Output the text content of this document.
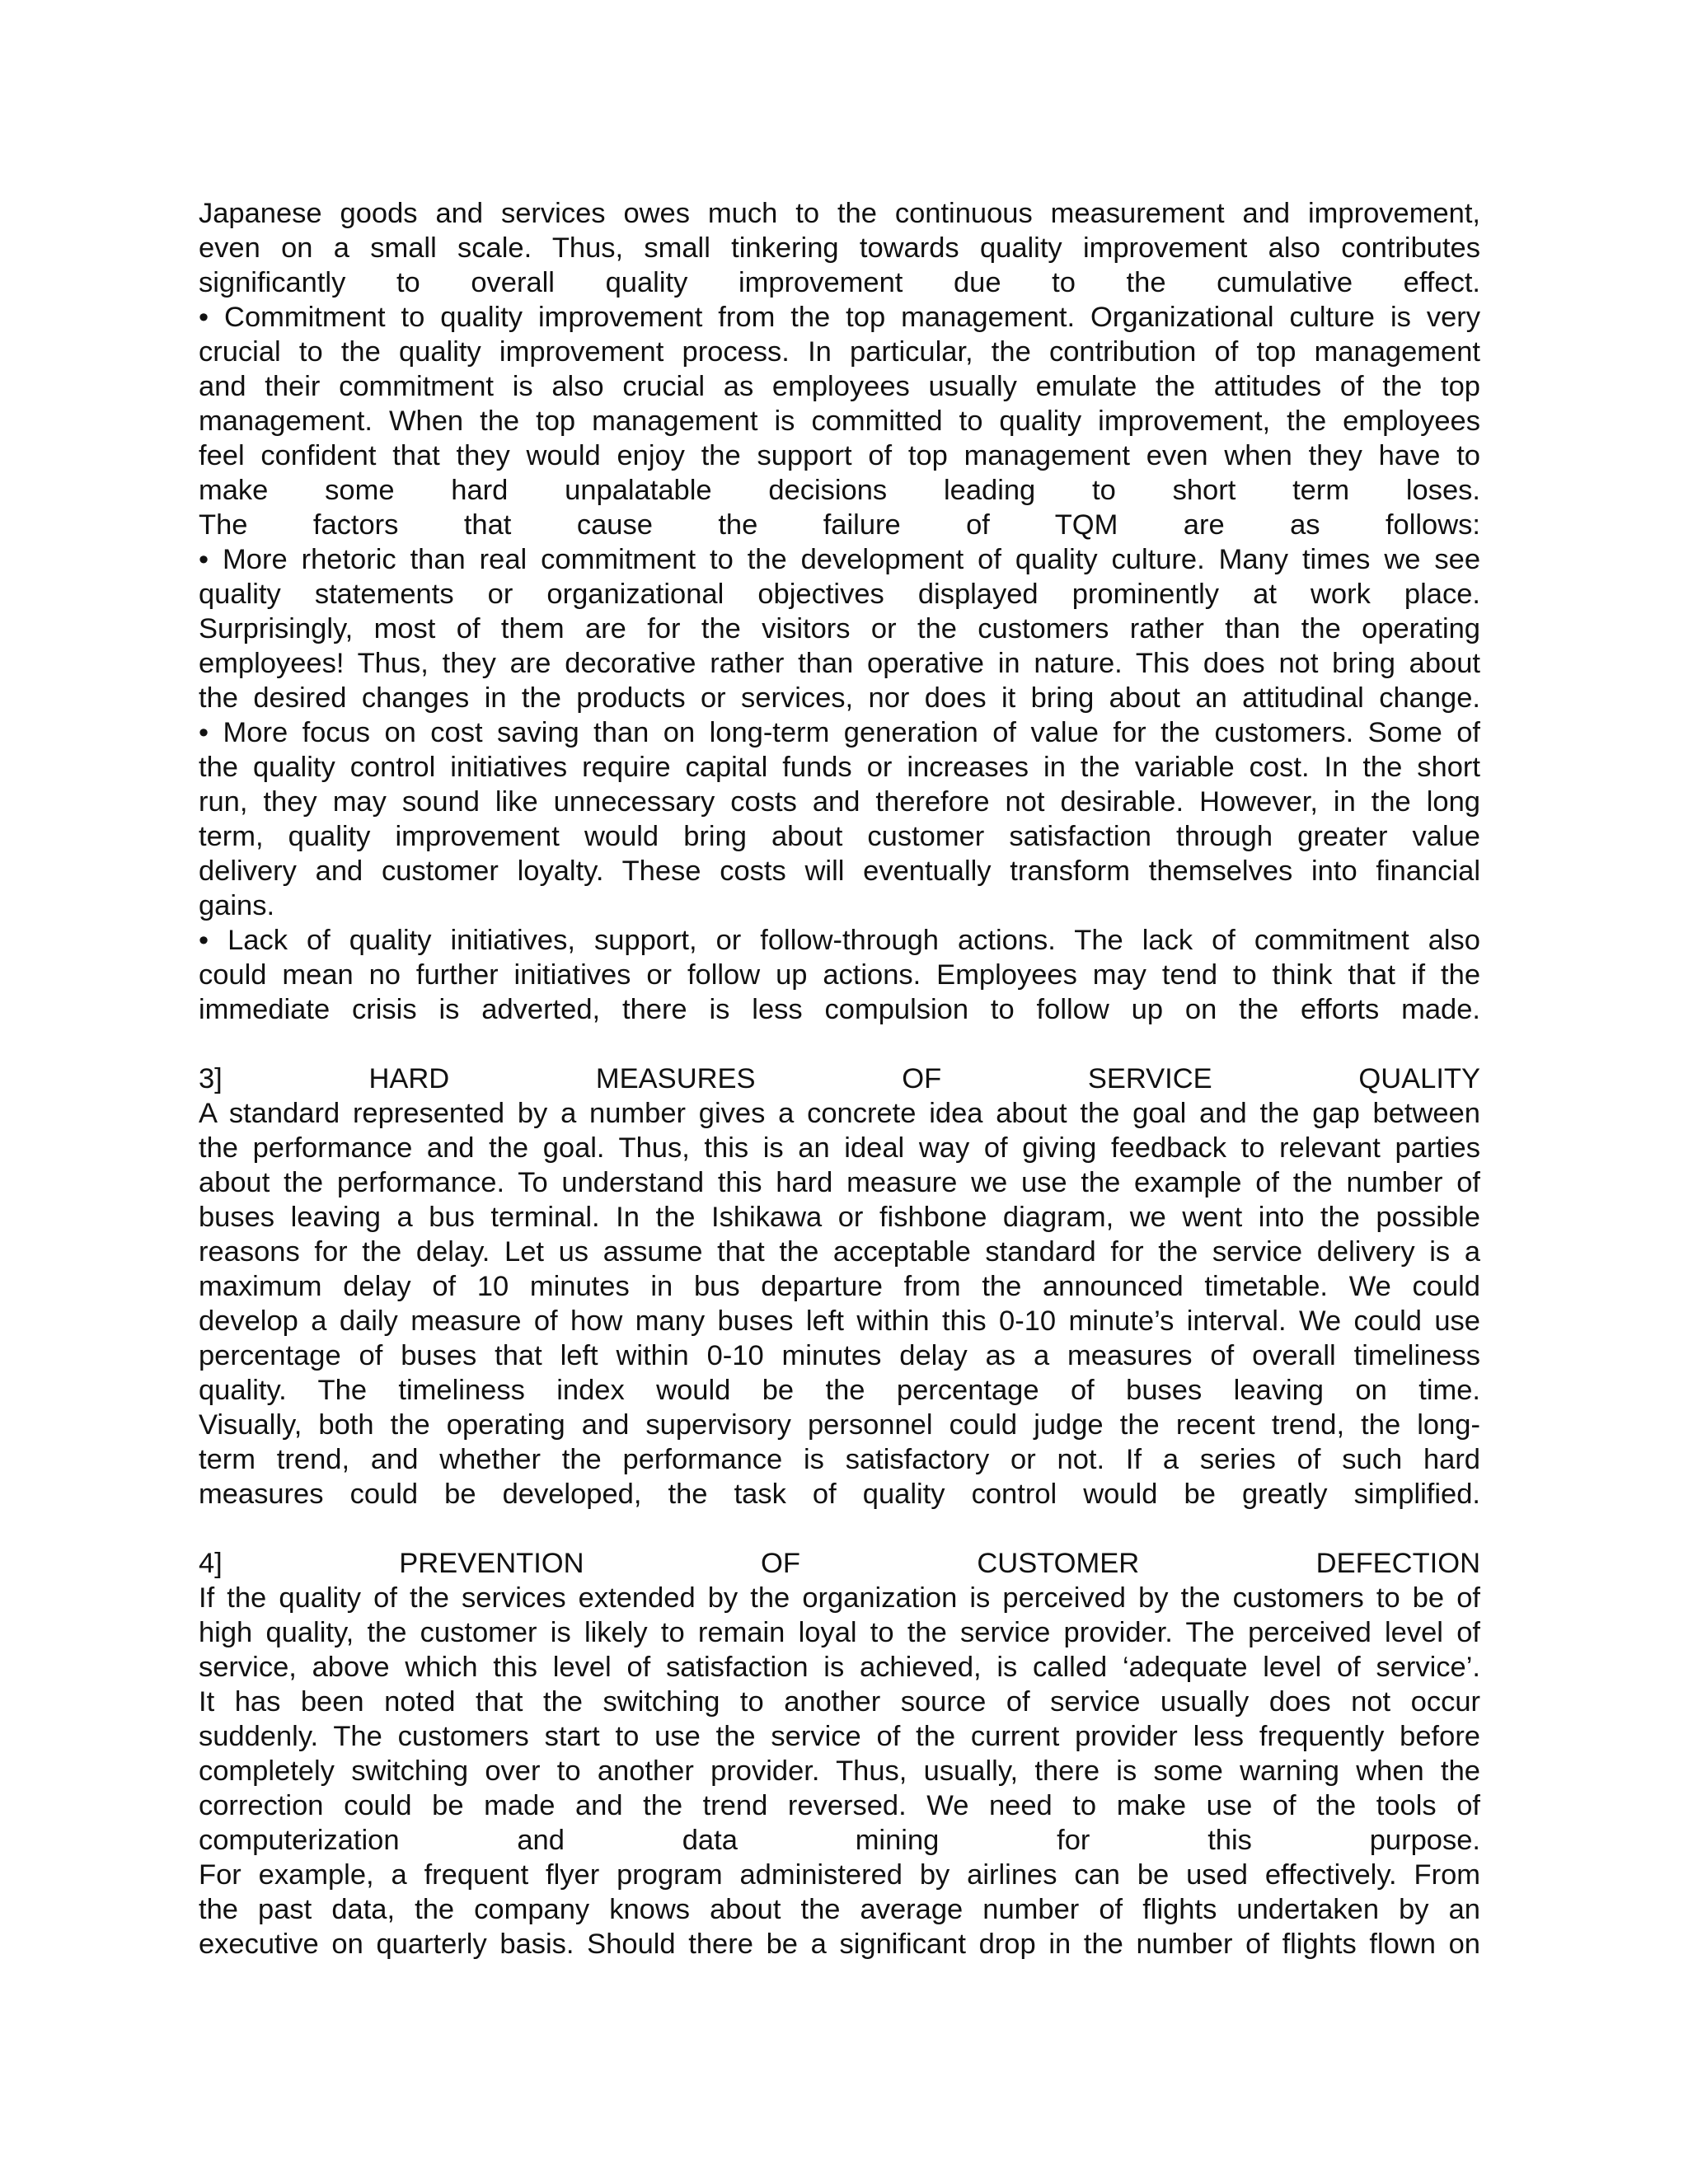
Japanese goods and services owes much to the continuous measurement and improvement,
even on a small scale. Thus, small tinkering towards quality improvement also contributes
significantly to overall quality improvement due to the cumulative effect.
• Commitment to quality improvement from the top management. Organizational culture is very
crucial to the quality improvement process. In particular, the contribution of top management
and their commitment is also crucial as employees usually emulate the attitudes of the top
management. When the top management is committed to quality improvement, the employees
feel confident that they would enjoy the support of top management even when they have to
make some hard unpalatable decisions leading to short term loses.
The factors that cause the failure of TQM are as follows:
• More rhetoric than real commitment to the development of quality culture. Many times we see
quality statements or organizational objectives displayed prominently at work place.
Surprisingly, most of them are for the visitors or the customers rather than the operating
employees! Thus, they are decorative rather than operative in nature. This does not bring about
the desired changes in the products or services, nor does it bring about an attitudinal change.
• More focus on cost saving than on long-term generation of value for the customers. Some of
the quality control initiatives require capital funds or increases in the variable cost. In the short
run, they may sound like unnecessary costs and therefore not desirable. However, in the long
term, quality improvement would bring about customer satisfaction through greater value
delivery and customer loyalty. These costs will eventually transform themselves into financial
gains.
• Lack of quality initiatives, support, or follow-through actions. The lack of commitment also
could mean no further initiatives or follow up actions. Employees may tend to think that if the
immediate crisis is adverted, there is less compulsion to follow up on the efforts made.
3] HARD MEASURES OF SERVICE QUALITY
A standard represented by a number gives a concrete idea about the goal and the gap between
the performance and the goal. Thus, this is an ideal way of giving feedback to relevant parties
about the performance. To understand this hard measure we use the example of the number of
buses leaving a bus terminal. In the Ishikawa or fishbone diagram, we went into the possible
reasons for the delay. Let us assume that the acceptable standard for the service delivery is a
maximum delay of 10 minutes in bus departure from the announced timetable. We could
develop a daily measure of how many buses left within this 0-10 minute’s interval. We could use
percentage of buses that left within 0-10 minutes delay as a measures of overall timeliness
quality. The timeliness index would be the percentage of buses leaving on time.
Visually, both the operating and supervisory personnel could judge the recent trend, the long-
term trend, and whether the performance is satisfactory or not. If a series of such hard
measures could be developed, the task of quality control would be greatly simplified.
4] PREVENTION OF CUSTOMER DEFECTION
If the quality of the services extended by the organization is perceived by the customers to be of
high quality, the customer is likely to remain loyal to the service provider. The perceived level of
service, above which this level of satisfaction is achieved, is called ‘adequate level of service’.
It has been noted that the switching to another source of service usually does not occur
suddenly. The customers start to use the service of the current provider less frequently before
completely switching over to another provider. Thus, usually, there is some warning when the
correction could be made and the trend reversed. We need to make use of the tools of
computerization and data mining for this purpose.
For example, a frequent flyer program administered by airlines can be used effectively. From
the past data, the company knows about the average number of flights undertaken by an
executive on quarterly basis. Should there be a significant drop in the number of flights flown on
